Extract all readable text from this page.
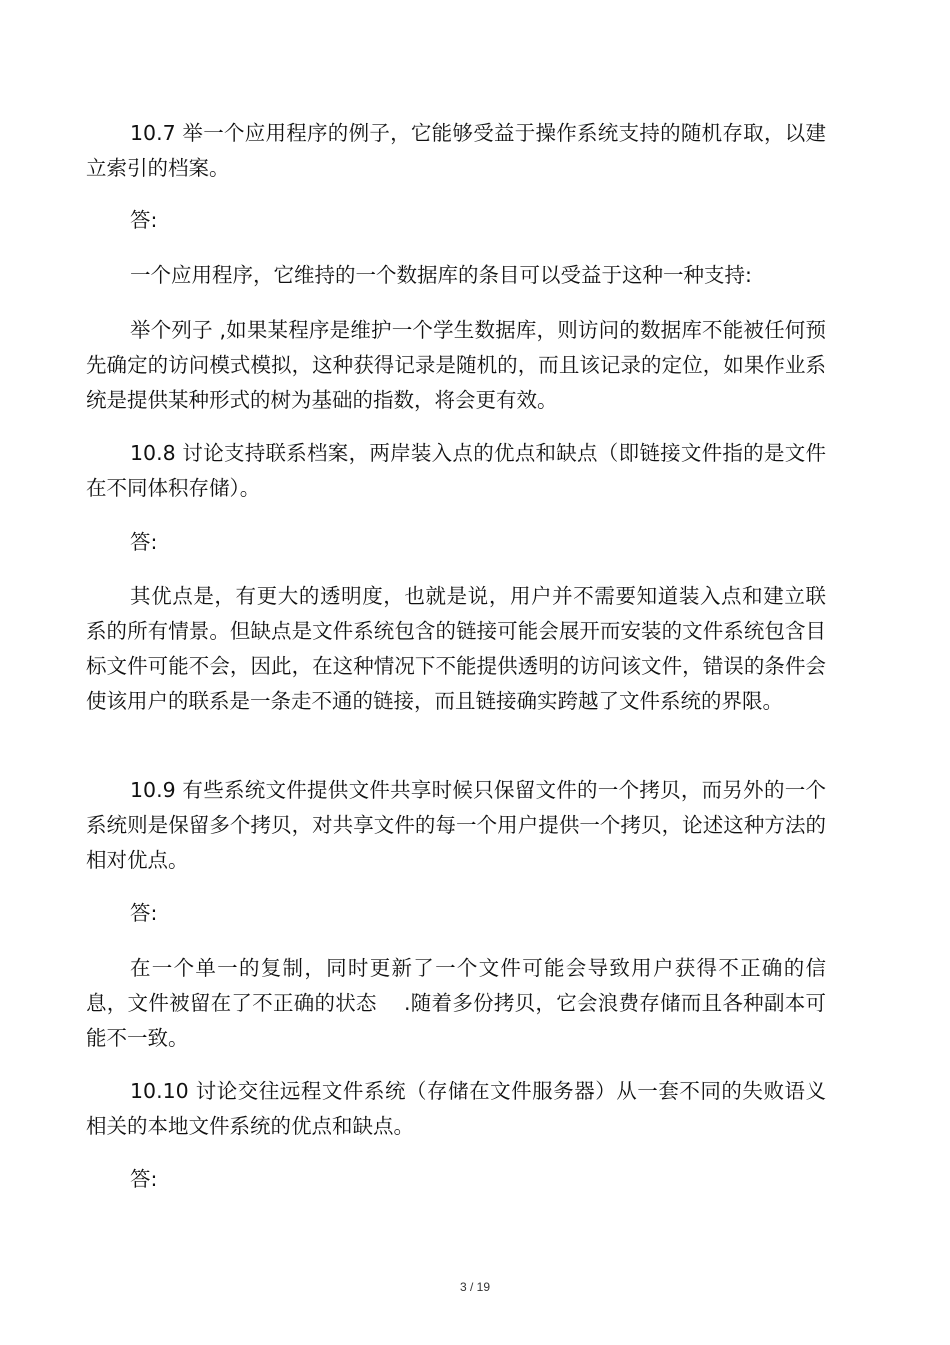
10.7 举一个应用程序的例子，它能够受益于操作系统支持的随机存取，以建立索引的档案。

答:

一个应用程序，它维持的一个数据库的条目可以受益于这种一种支持:

举个列子 ,如果某程序是维护一个学生数据库，则访问的数据库不能被任何预先确定的访问模式模拟，这种获得记录是随机的，而且该记录的定位，如果作业系统是提供某种形式的树为基础的指数，将会更有效。

10.8 讨论支持联系档案，两岸装入点的优点和缺点（即链接文件指的是文件在不同体积存储）。

答:

其优点是，有更大的透明度，也就是说，用户并不需要知道装入点和建立联系的所有情景。但缺点是文件系统包含的链接可能会展开而安装的文件系统包含目标文件可能不会，因此，在这种情况下不能提供透明的访问该文件，错误的条件会使该用户的联系是一条走不通的链接，而且链接确实跨越了文件系统的界限。

10.9 有些系统文件提供文件共享时候只保留文件的一个拷贝，而另外的一个系统则是保留多个拷贝，对共享文件的每一个用户提供一个拷贝，论述这种方法的相对优点。

答:

在一个单一的复制，同时更新了一个文件可能会导致用户获得不正确的信息，文件被留在了不正确的状态    .随着多份拷贝，它会浪费存储而且各种副本可能不一致。

10.10 讨论交往远程文件系统（存储在文件服务器）从一套不同的失败语义相关的本地文件系统的优点和缺点。

答:

3 / 19
